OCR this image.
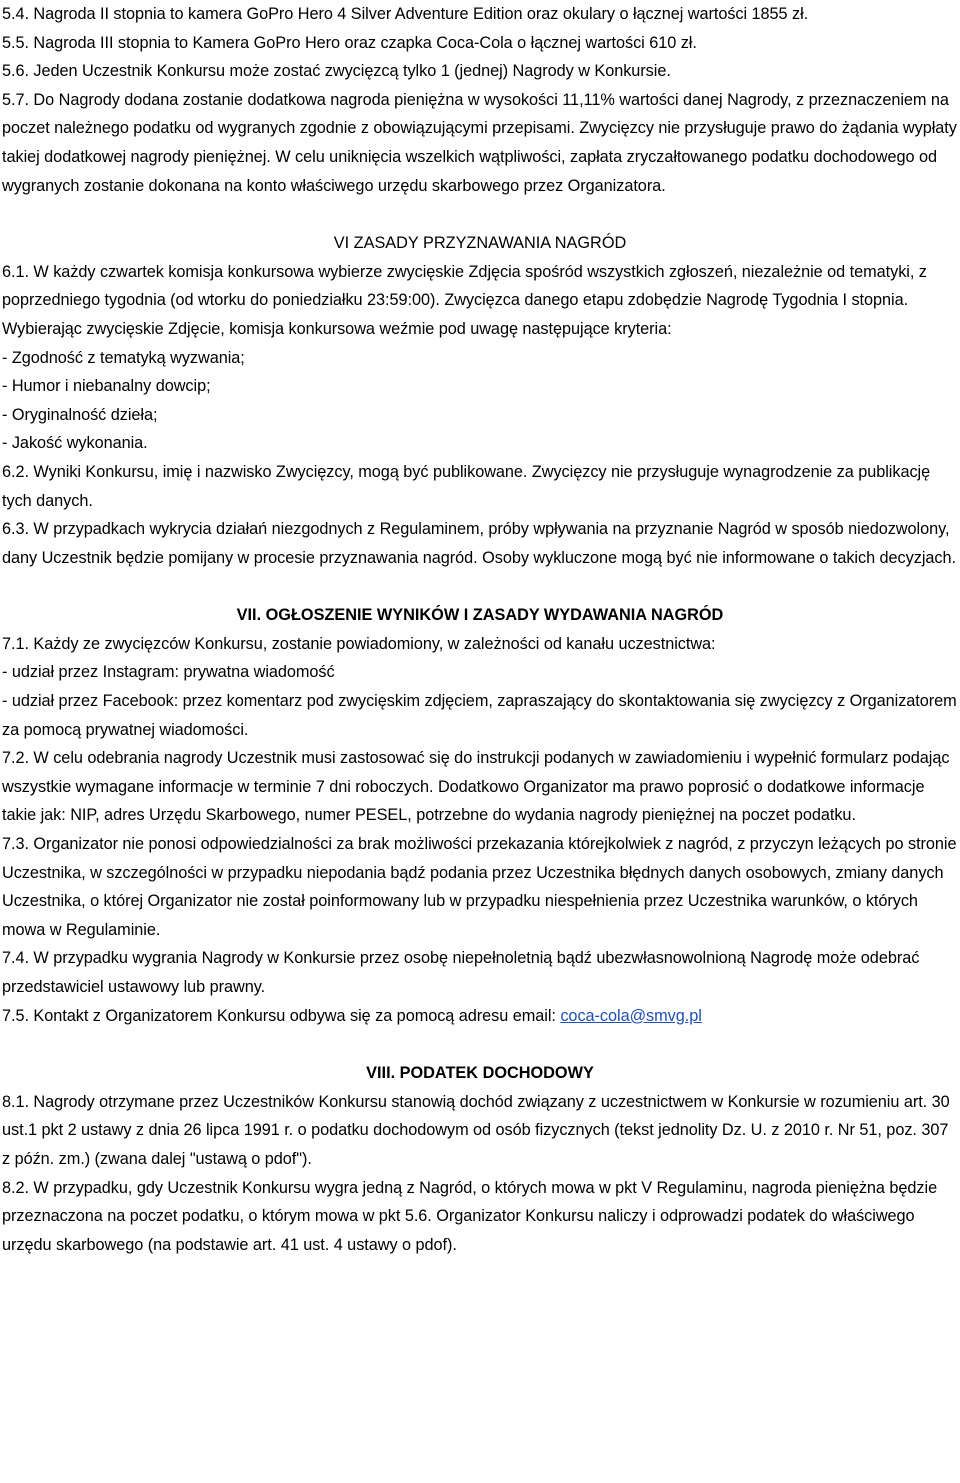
5.4. Nagroda II stopnia to kamera GoPro Hero 4 Silver Adventure Edition oraz okulary o łącznej wartości 1855 zł.

5.5. Nagroda III stopnia to Kamera GoPro Hero oraz czapka Coca-Cola o łącznej wartości 610 zł.

5.6. Jeden Uczestnik Konkursu może zostać zwycięzcą tylko 1 (jednej) Nagrody w Konkursie.

5.7. Do Nagrody dodana zostanie dodatkowa nagroda pieniężna w wysokości 11,11% wartości danej Nagrody, z przeznaczeniem na poczet należnego podatku od wygranych zgodnie z obowiązującymi przepisami. Zwycięzcy nie przysługuje prawo do żądania wypłaty takiej dodatkowej nagrody pieniężnej. W celu uniknięcia wszelkich wątpliwości, zapłata zryczałtowanego podatku dochodowego od wygranych zostanie dokonana na konto właściwego urzędu skarbowego przez Organizatora.

VI ZASADY PRZYZNAWANIA NAGRÓD

6.1. W każdy czwartek komisja konkursowa wybierze zwycięskie Zdjęcia spośród wszystkich zgłoszeń, niezależnie od tematyki, z poprzedniego tygodnia (od wtorku do poniedziałku 23:59:00). Zwycięzca danego etapu zdobędzie Nagrodę Tygodnia I stopnia.

Wybierając zwycięskie Zdjęcie, komisja konkursowa weźmie pod uwagę następujące kryteria:

- Zgodność z tematyką wyzwania;

- Humor i niebanalny dowcip;

- Oryginalność dzieła;

- Jakość wykonania.

6.2. Wyniki Konkursu, imię i nazwisko Zwycięzcy, mogą być publikowane. Zwycięzcy nie przysługuje wynagrodzenie za publikację tych danych.

6.3. W przypadkach wykrycia działań niezgodnych z Regulaminem, próby wpływania na przyznanie Nagród w sposób niedozwolony, dany Uczestnik będzie pomijany w procesie przyznawania nagród. Osoby wykluczone mogą być nie informowane o takich decyzjach.

VII. OGŁOSZENIE WYNIKÓW I ZASADY WYDAWANIA NAGRÓD

7.1. Każdy ze zwycięzców Konkursu, zostanie powiadomiony, w zależności od kanału uczestnictwa:

- udział przez Instagram: prywatna wiadomość

- udział przez Facebook: przez komentarz pod zwycięskim zdjęciem, zapraszający do skontaktowania się zwycięzcy z Organizatorem za pomocą prywatnej wiadomości.

7.2. W celu odebrania nagrody Uczestnik musi zastosować się do instrukcji podanych w zawiadomieniu i wypełnić formularz podając wszystkie wymagane informacje w terminie 7 dni roboczych. Dodatkowo Organizator ma prawo poprosić o dodatkowe informacje takie jak: NIP, adres Urzędu Skarbowego, numer PESEL, potrzebne do wydania nagrody pieniężnej na poczet podatku.

7.3. Organizator nie ponosi odpowiedzialności za brak możliwości przekazania którejkolwiek z nagród, z przyczyn leżących po stronie Uczestnika, w szczególności w przypadku niepodania bądź podania przez Uczestnika błędnych danych osobowych, zmiany danych Uczestnika, o której Organizator nie został poinformowany lub w przypadku niespełnienia przez Uczestnika warunków, o których mowa w Regulaminie.

7.4. W przypadku wygrania Nagrody w Konkursie przez osobę niepełnoletnią bądź ubezwłasnowolnioną Nagrodę może odebrać przedstawiciel ustawowy lub prawny.

7.5. Kontakt z Organizatorem Konkursu odbywa się za pomocą adresu email: coca-cola@smvg.pl

VIII. PODATEK DOCHODOWY

8.1. Nagrody otrzymane przez Uczestników Konkursu stanowią dochód związany z uczestnictwem w Konkursie w rozumieniu art. 30 ust.1 pkt 2 ustawy z dnia 26 lipca 1991 r. o podatku dochodowym od osób fizycznych (tekst jednolity Dz. U. z 2010 r. Nr 51, poz. 307 z późn. zm.) (zwana dalej "ustawą o pdof").

8.2. W przypadku, gdy Uczestnik Konkursu wygra jedną z Nagród, o których mowa w pkt V Regulaminu, nagroda pieniężna będzie przeznaczona na poczet podatku, o którym mowa w pkt 5.6. Organizator Konkursu naliczy i odprowadzi podatek do właściwego urzędu skarbowego (na podstawie art. 41 ust. 4 ustawy o pdof).
